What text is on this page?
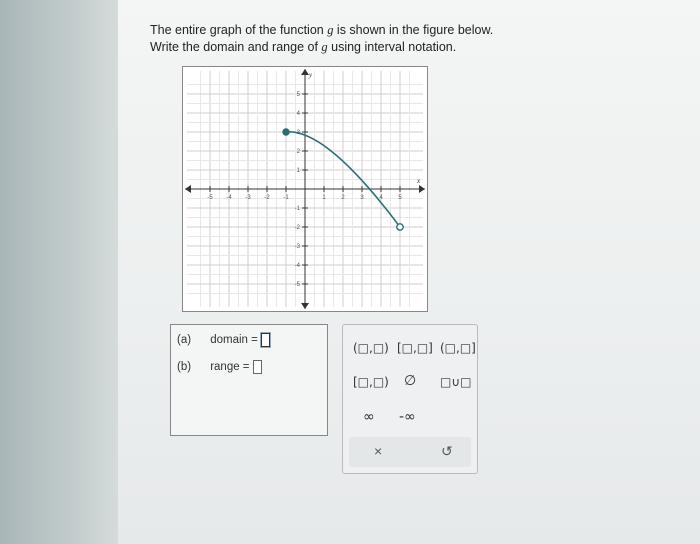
The entire graph of the function g is shown in the figure below.
Write the domain and range of g using interval notation.
x
y
-5 -4 -3 -2 -1	1	2	3	4	5
5
4
3
2
1
-1
-2
-3
-4
-5
(a) domain =
(b) range =
(□,□) [□,□] (□,□]
[□,□) ∅ □∪□
∞ -∞
×	↺
